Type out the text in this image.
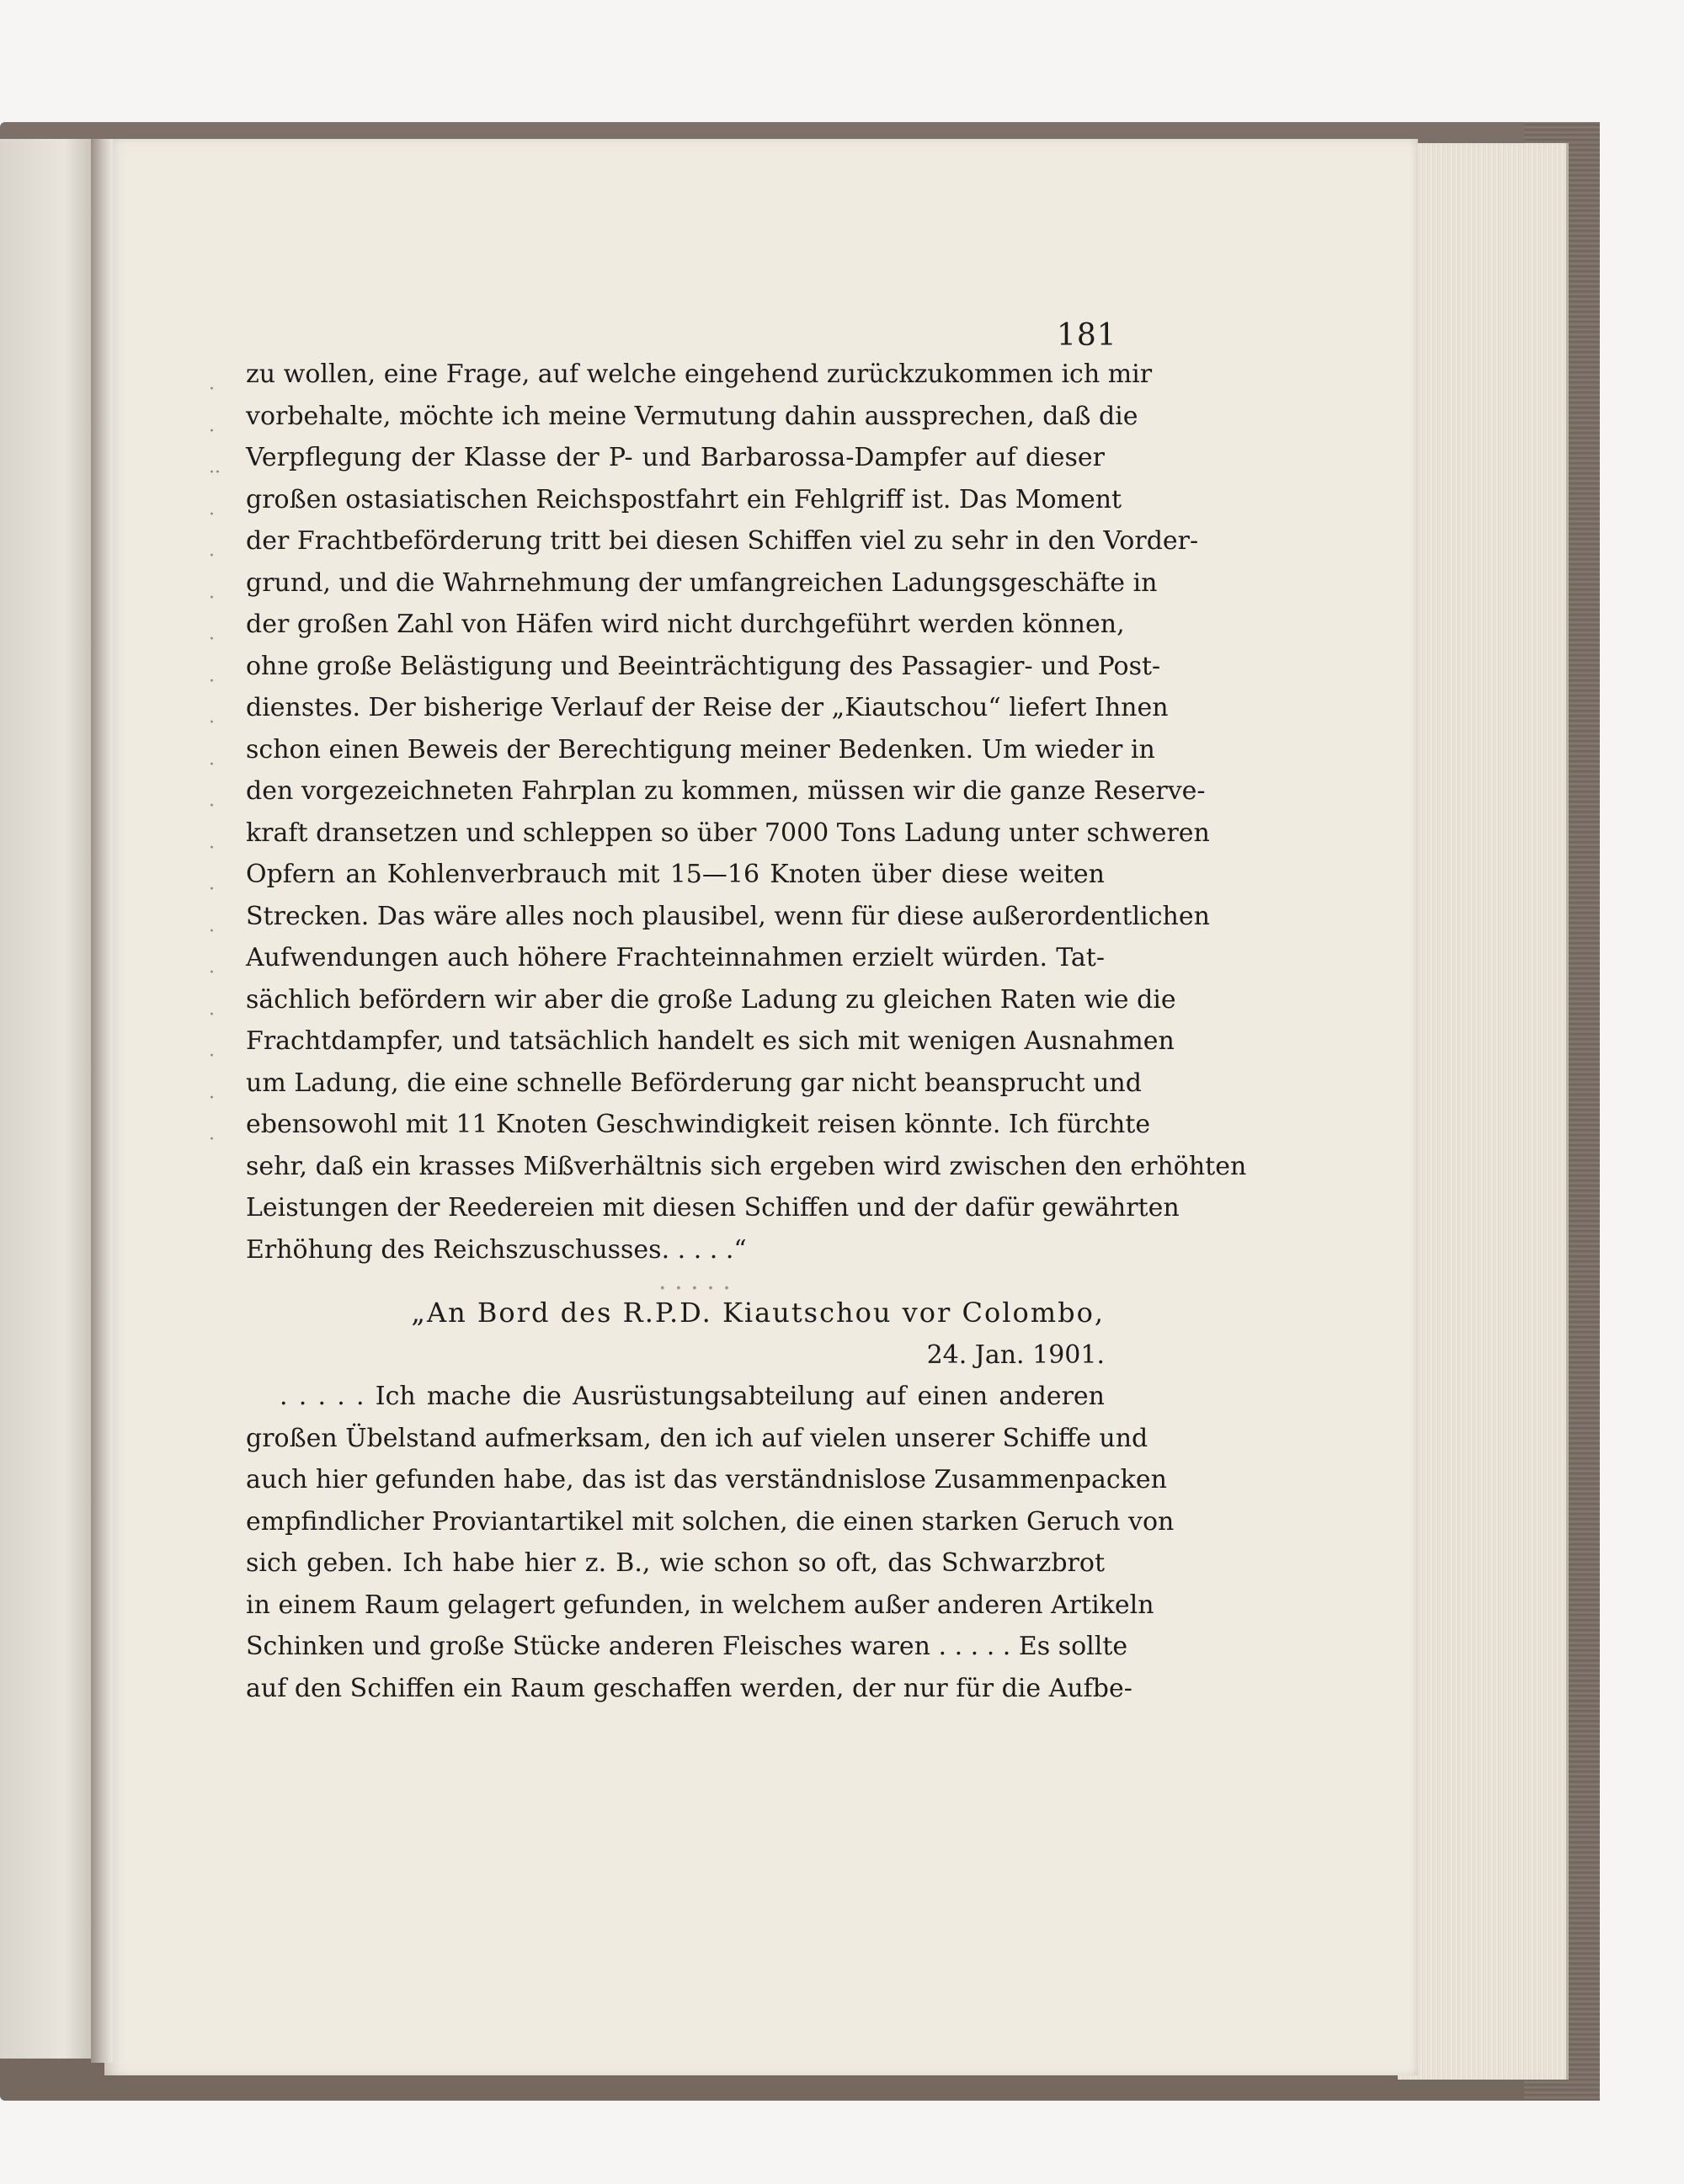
181
·
·
··
·
·
·
·
·
·
·
·
·
·
·
·
·
·
·
·
zu wollen, eine Frage, auf welche eingehend zurückzukommen ich mir
vorbehalte, möchte ich meine Vermutung dahin aussprechen, daß die
Verpflegung der Klasse der P- und Barbarossa-Dampfer auf dieser
großen ostasiatischen Reichspostfahrt ein Fehlgriff ist. Das Moment
der Frachtbeförderung tritt bei diesen Schiffen viel zu sehr in den Vorder-
grund, und die Wahrnehmung der umfangreichen Ladungsgeschäfte in
der großen Zahl von Häfen wird nicht durchgeführt werden können,
ohne große Belästigung und Beeinträchtigung des Passagier- und Post-
dienstes. Der bisherige Verlauf der Reise der „Kiautschou“ liefert Ihnen
schon einen Beweis der Berechtigung meiner Bedenken. Um wieder in
den vorgezeichneten Fahrplan zu kommen, müssen wir die ganze Reserve-
kraft dransetzen und schleppen so über 7000 Tons Ladung unter schweren
Opfern an Kohlenverbrauch mit 15—16 Knoten über diese weiten
Strecken. Das wäre alles noch plausibel, wenn für diese außerordentlichen
Aufwendungen auch höhere Frachteinnahmen erzielt würden. Tat-
sächlich befördern wir aber die große Ladung zu gleichen Raten wie die
Frachtdampfer, und tatsächlich handelt es sich mit wenigen Ausnahmen
um Ladung, die eine schnelle Beförderung gar nicht beansprucht und
ebensowohl mit 11 Knoten Geschwindigkeit reisen könnte. Ich fürchte
sehr, daß ein krasses Mißverhältnis sich ergeben wird zwischen den erhöhten
Leistungen der Reedereien mit diesen Schiffen und der dafür gewährten
Erhöhung des Reichszuschusses. . . . .“
. . . . .
„An Bord des R.P.D. Kiautschou vor Colombo,
24. Jan. 1901.
. . . . . Ich mache die Ausrüstungsabteilung auf einen anderen
großen Übelstand aufmerksam, den ich auf vielen unserer Schiffe und
auch hier gefunden habe, das ist das verständnislose Zusammenpacken
empfindlicher Proviantartikel mit solchen, die einen starken Geruch von
sich geben. Ich habe hier z. B., wie schon so oft, das Schwarzbrot
in einem Raum gelagert gefunden, in welchem außer anderen Artikeln
Schinken und große Stücke anderen Fleisches waren . . . . . Es sollte
auf den Schiffen ein Raum geschaffen werden, der nur für die Aufbe-
